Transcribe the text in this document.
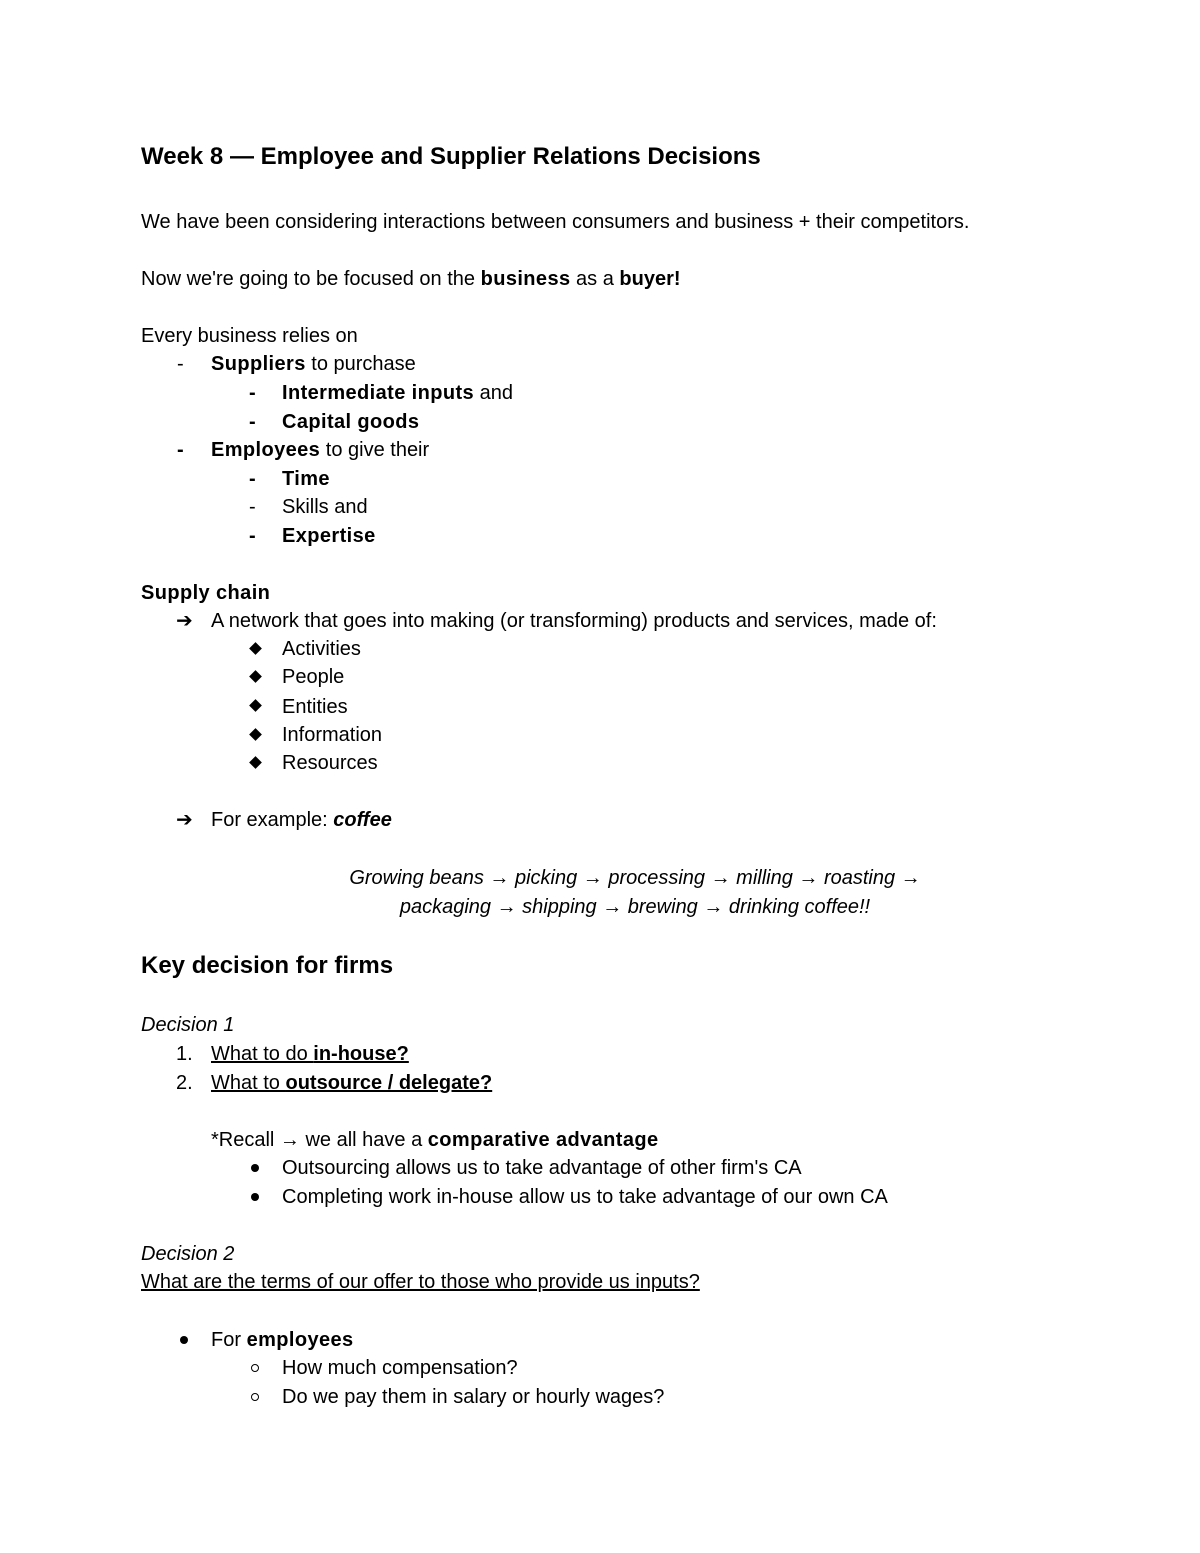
Week 8 — Employee and Supplier Relations Decisions
We have been considering interactions between consumers and business + their competitors.
Now we're going to be focused on the business as a buyer!
Every business relies on
- Suppliers to purchase
- Intermediate inputs and
- Capital goods
- Employees to give their
- Time
- Skills and
- Expertise
Supply chain
➔ A network that goes into making (or transforming) products and services, made of:
Activities
People
Entities
Information
Resources
➔ For example: coffee
Growing beans → picking → processing → milling → roasting →
packaging → shipping → brewing → drinking coffee!!
Key decision for firms
Decision 1
1. What to do in-house?
2. What to outsource / delegate?
*Recall → we all have a comparative advantage
Outsourcing allows us to take advantage of other firm's CA
Completing work in-house allow us to take advantage of our own CA
Decision 2
What are the terms of our offer to those who provide us inputs?
For employees
How much compensation?
Do we pay them in salary or hourly wages?
